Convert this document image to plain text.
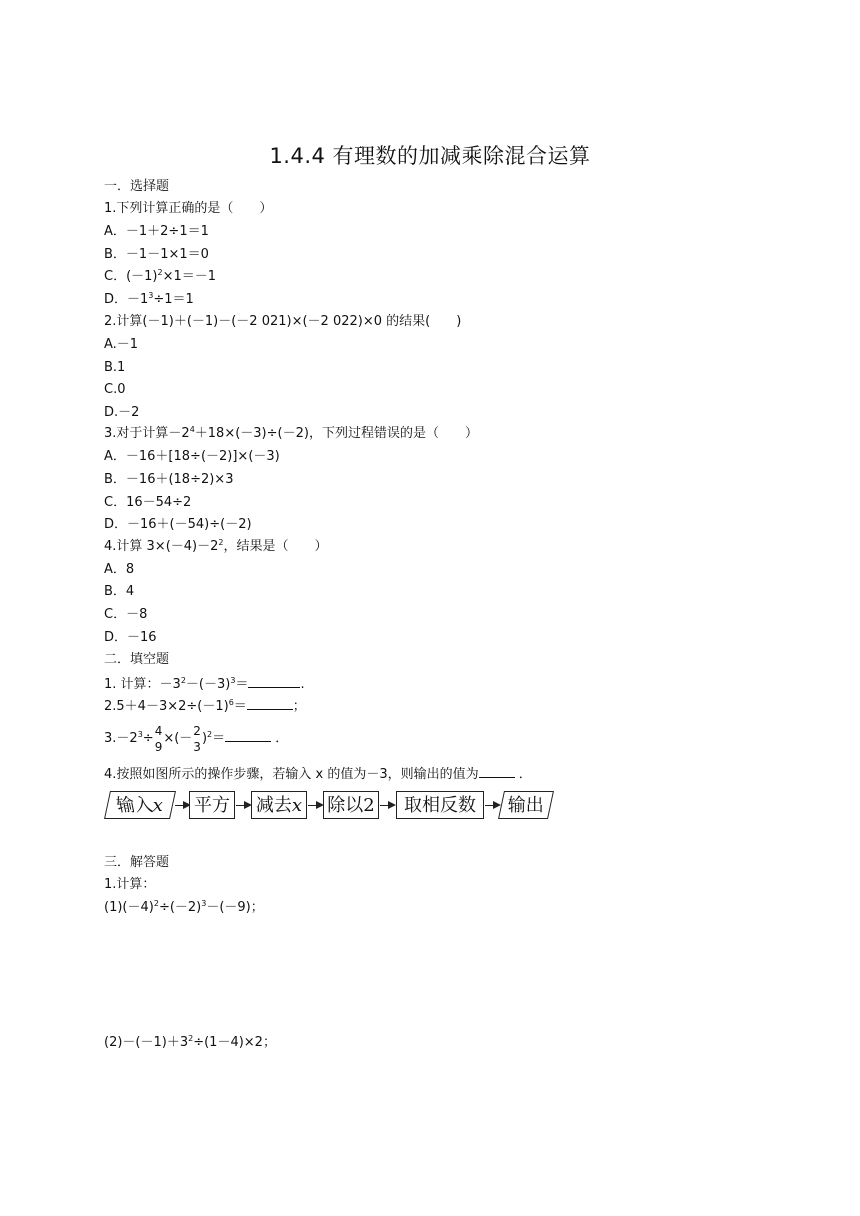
1.4.4 有理数的加减乘除混合运算
一．选择题
1.下列计算正确的是（　　）
A．－1＋2÷1＝1
B．－1－1×1＝0
C．$(-1)^2\times 1=-1$
D．$-1^3\div 1=1$
2.计算(－1)＋(－1)－(－2 021)×(－2 022)×0 的结果(　　)
A.－1
B.1
C.0
D.－2
3.对于计算$-2^4+18\times(-3)\div(-2)$，下列过程错误的是（　　）
A．－16＋[18÷(－2)]×(－3)
B．－16＋(18÷2)×3
C．16－54÷2
D．－16＋(－54)÷(－2)
4.计算 $3\times(-4)-2^2$，结果是（　　）
A．8
B．4
C．－8
D．－16
二．填空题
1. 计算：$-3^2-(-3)^3=$	.
$2.5+4-3\times 2\div(-1)^6=$	；
$3.-2^3\div$
4
9
×(－
2
3
)$^2$＝	．
4.按照如图所示的操作步骤，若输入 x 的值为－3，则输出的值为	．
输入x	平方 减去x 除以2	取相反数	输出
三．解答题
1.计算：
$(1)(-4)^2\div(-2)^3-(-9)$；
$(2)-(-1)+3^2\div(1-4)\times 2$；
